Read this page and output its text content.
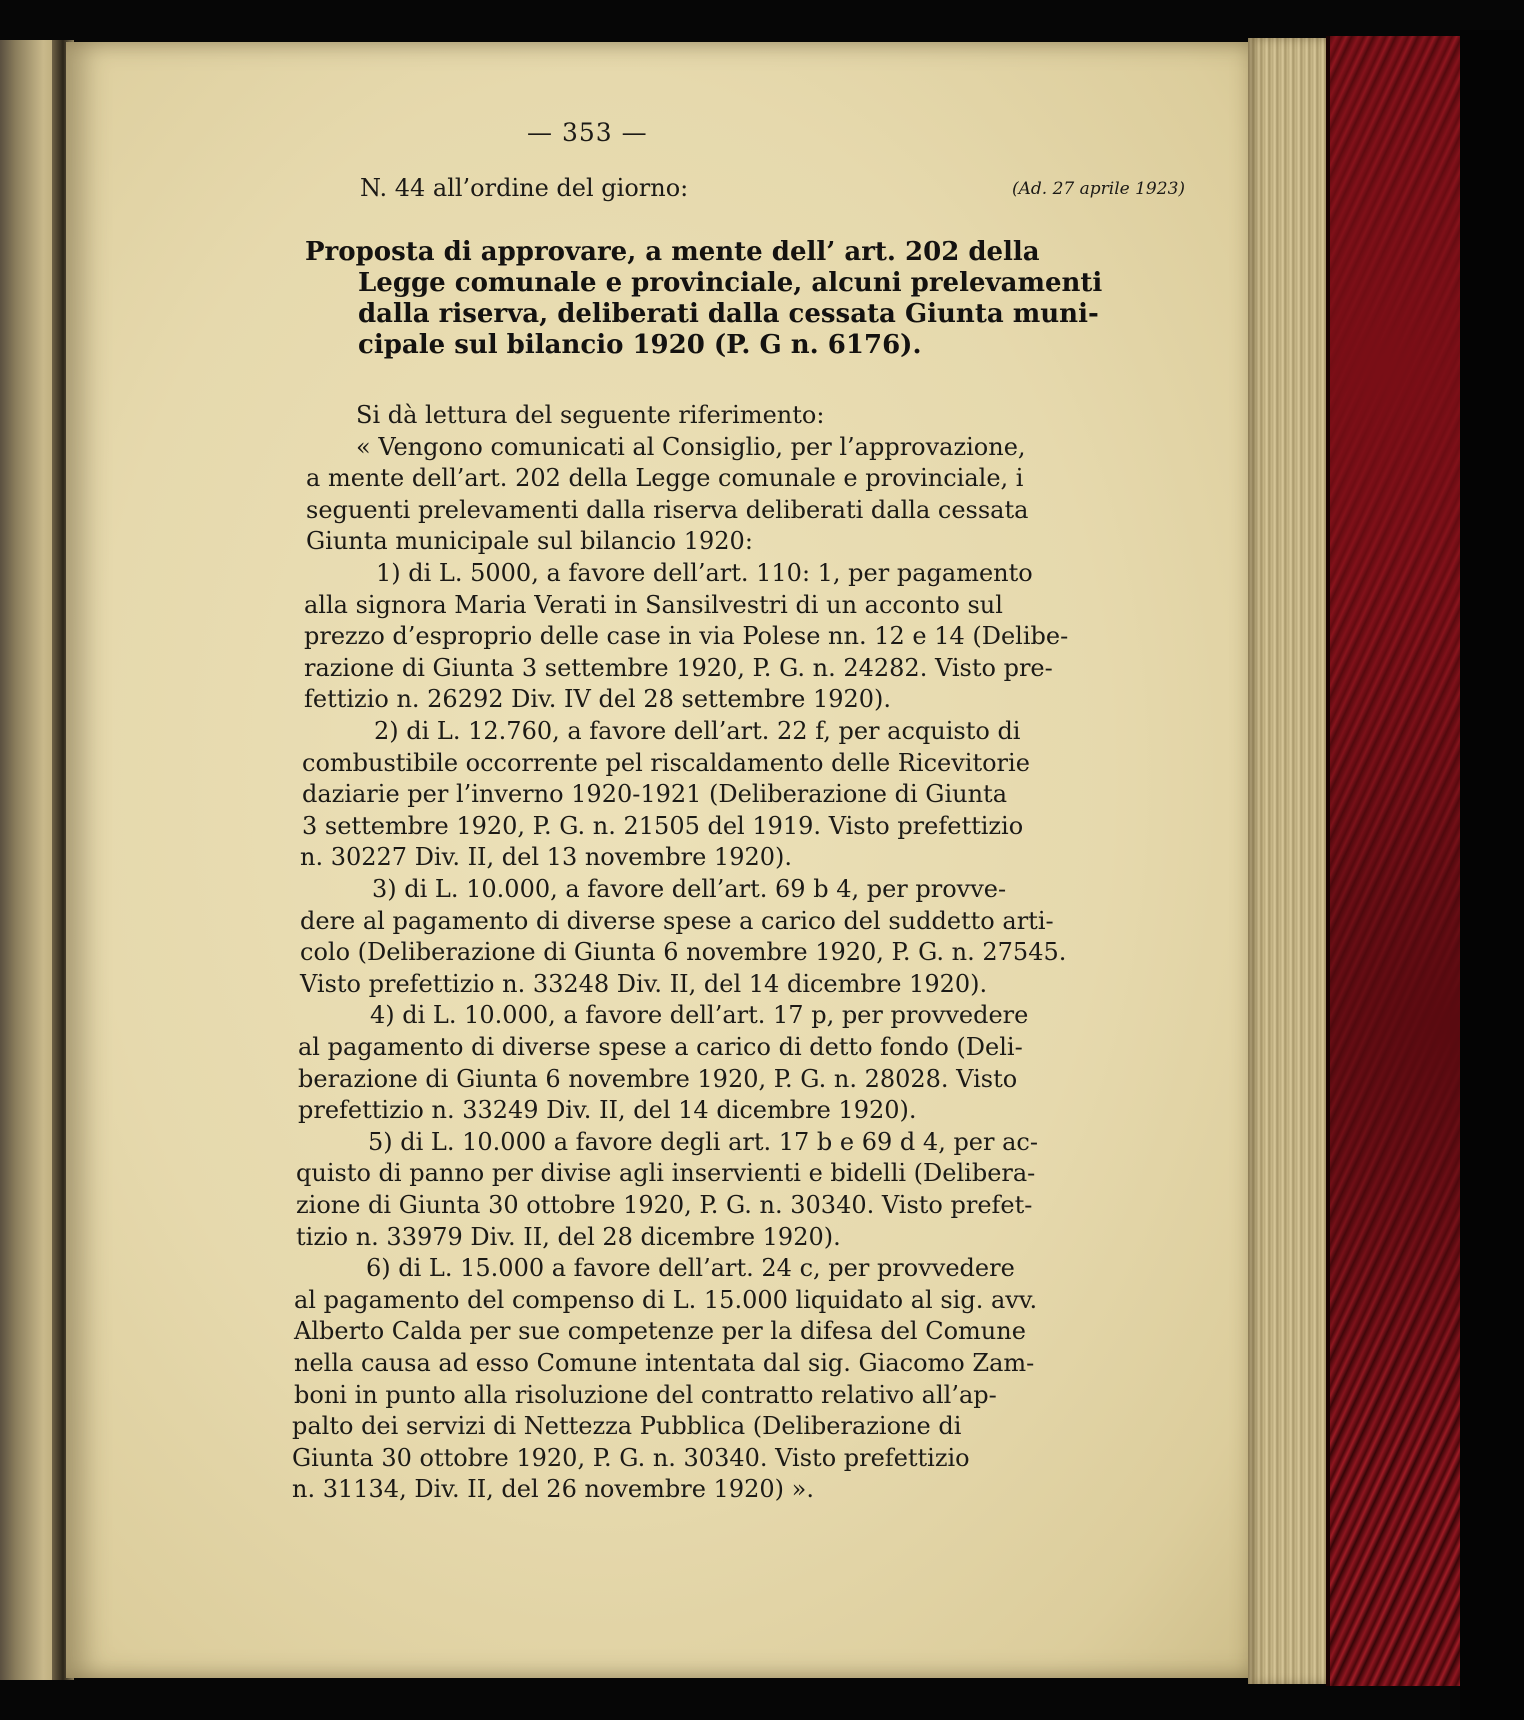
— 353 —
N. 44 all’ordine del giorno:	(Ad. 27 aprile 1923)
Proposta di approvare, a mente dell’ art. 202 della
Legge comunale e provinciale, alcuni prelevamenti
dalla riserva, deliberati dalla cessata Giunta muni-
cipale sul bilancio 1920 (P. G n. 6176).
Si dà lettura del seguente riferimento:
« Vengono comunicati al Consiglio, per l’approvazione,
a mente dell’art. 202 della Legge comunale e provinciale, i
seguenti prelevamenti dalla riserva deliberati dalla cessata
Giunta municipale sul bilancio 1920:
1) di L. 5000, a favore dell’art. 110: 1, per pagamento
alla signora Maria Verati in Sansilvestri di un acconto sul
prezzo d’esproprio delle case in via Polese nn. 12 e 14 (Delibe-
razione di Giunta 3 settembre 1920, P. G. n. 24282. Visto pre-
fettizio n. 26292 Div. IV del 28 settembre 1920).
2) di L. 12.760, a favore dell’art. 22 f, per acquisto di
combustibile occorrente pel riscaldamento delle Ricevitorie
daziarie per l’inverno 1920-1921 (Deliberazione di Giunta
3 settembre 1920, P. G. n. 21505 del 1919. Visto prefettizio
n. 30227 Div. II, del 13 novembre 1920).
3) di L. 10.000, a favore dell’art. 69 b 4, per provve-
dere al pagamento di diverse spese a carico del suddetto arti-
colo (Deliberazione di Giunta 6 novembre 1920, P. G. n. 27545.
Visto prefettizio n. 33248 Div. II, del 14 dicembre 1920).
4) di L. 10.000, a favore dell’art. 17 p, per provvedere
al pagamento di diverse spese a carico di detto fondo (Deli-
berazione di Giunta 6 novembre 1920, P. G. n. 28028. Visto
prefettizio n. 33249 Div. II, del 14 dicembre 1920).
5) di L. 10.000 a favore degli art. 17 b e 69 d 4, per ac-
quisto di panno per divise agli inservienti e bidelli (Delibera-
zione di Giunta 30 ottobre 1920, P. G. n. 30340. Visto prefet-
tizio n. 33979 Div. II, del 28 dicembre 1920).
6) di L. 15.000 a favore dell’art. 24 c, per provvedere
al pagamento del compenso di L. 15.000 liquidato al sig. avv.
Alberto Calda per sue competenze per la difesa del Comune
nella causa ad esso Comune intentata dal sig. Giacomo Zam-
boni in punto alla risoluzione del contratto relativo all’ap-
palto dei servizi di Nettezza Pubblica (Deliberazione di
Giunta 30 ottobre 1920, P. G. n. 30340. Visto prefettizio
n. 31134, Div. II, del 26 novembre 1920) ».
